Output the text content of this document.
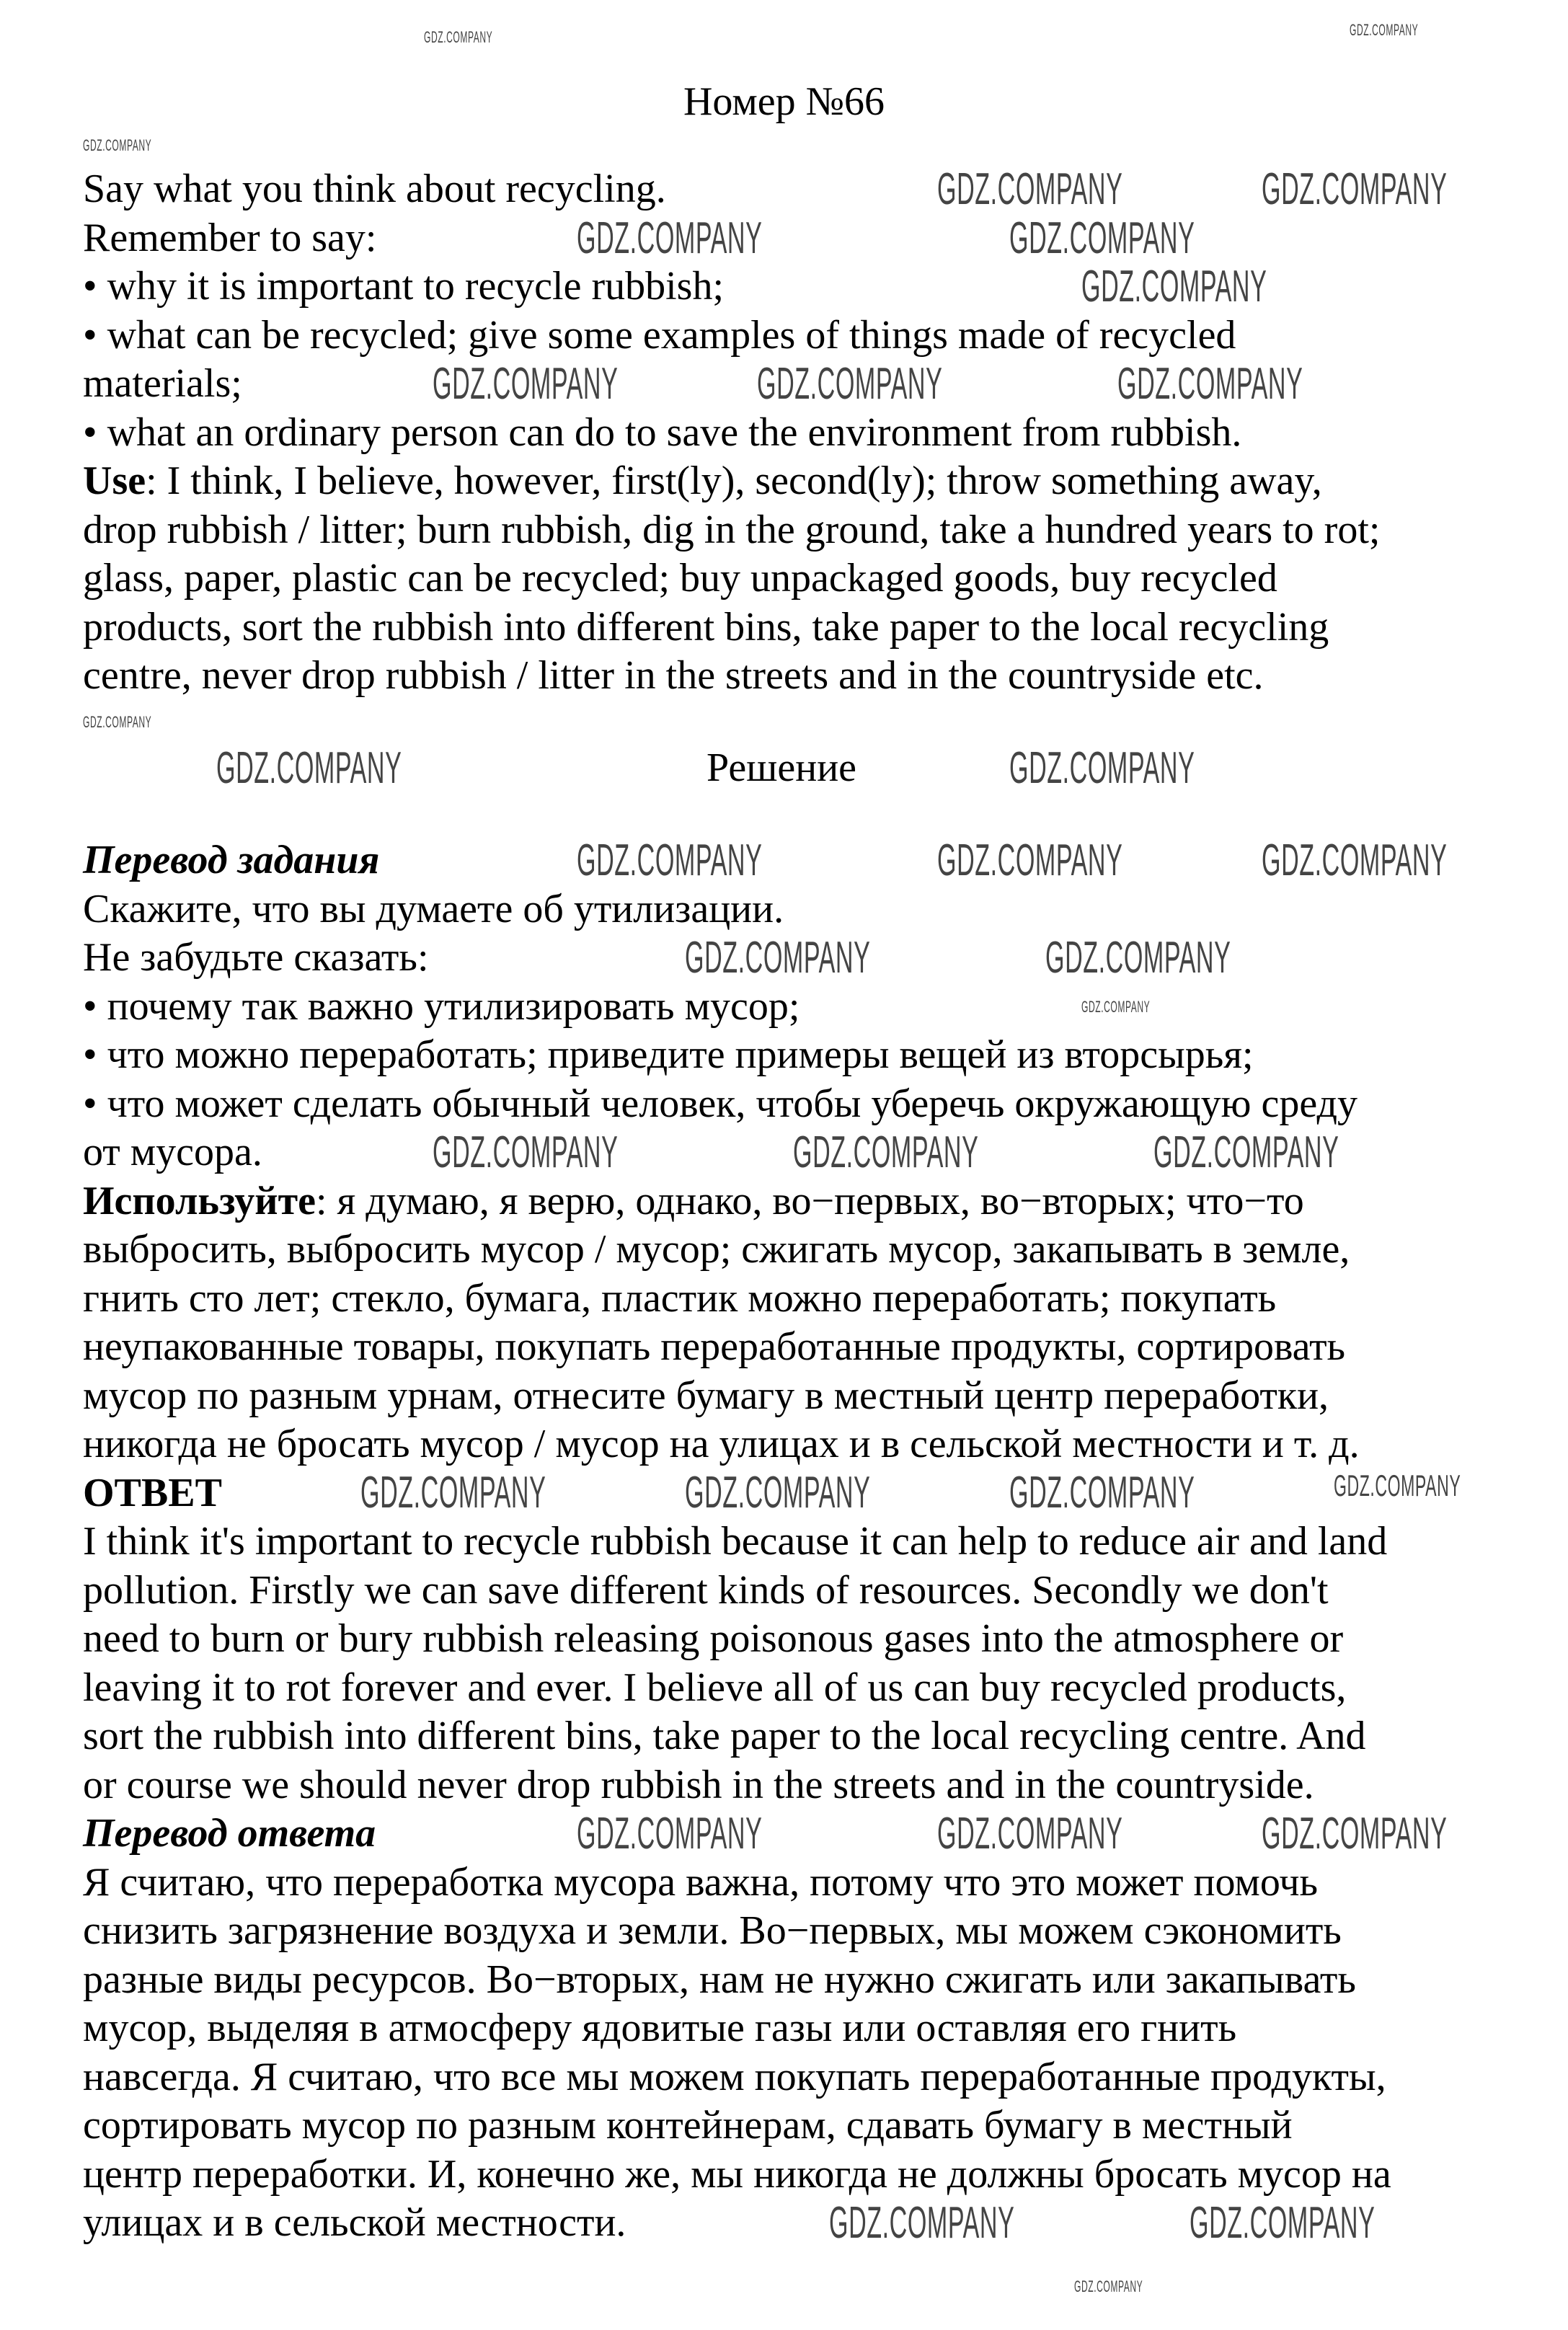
Номер №66
Say what you think about recycling.
Remember to say:
• why it is important to recycle rubbish;
• what can be recycled; give some examples of things made of recycled
materials;
• what an ordinary person can do to save the environment from rubbish.
Use: I think, I believe, however, first(ly), second(ly); throw something away,
drop rubbish / litter; burn rubbish, dig in the ground, take a hundred years to rot;
glass, paper, plastic can be recycled; buy unpackaged goods, buy recycled
products, sort the rubbish into different bins, take paper to the local recycling
centre, never drop rubbish / litter in the streets and in the countryside etc.
Решение
Перевод задания
Скажите, что вы думаете об утилизации.
Не забудьте сказать:
• почему так важно утилизировать мусор;
• что можно переработать; приведите примеры вещей из вторсырья;
• что может сделать обычный человек, чтобы уберечь окружающую среду
от мусора.
Используйте: я думаю, я верю, однако, во−первых, во−вторых; что−то
выбросить, выбросить мусор / мусор; сжигать мусор, закапывать в земле,
гнить сто лет; стекло, бумага, пластик можно переработать; покупать
неупакованные товары, покупать переработанные продукты, сортировать
мусор по разным урнам, отнесите бумагу в местный центр переработки,
никогда не бросать мусор / мусор на улицах и в сельской местности и т. д.
ОТВЕТ
I think it's important to recycle rubbish because it can help to reduce air and land
pollution. Firstly we can save different kinds of resources. Secondly we don't
need to burn or bury rubbish releasing poisonous gases into the atmosphere or
leaving it to rot forever and ever. I believe all of us can buy recycled products,
sort the rubbish into different bins, take paper to the local recycling centre. And
or course we should never drop rubbish in the streets and in the countryside.
Перевод ответа
Я считаю, что переработка мусора важна, потому что это может помочь
снизить загрязнение воздуха и земли. Во−первых, мы можем сэкономить
разные виды ресурсов. Во−вторых, нам не нужно сжигать или закапывать
мусор, выделяя в атмосферу ядовитые газы или оставляя его гнить
навсегда. Я считаю, что все мы можем покупать переработанные продукты,
сортировать мусор по разным контейнерам, сдавать бумагу в местный
центр переработки. И, конечно же, мы никогда не должны бросать мусор на
улицах и в сельской местности.
GDZ.COMPANY	GDZ.COMPANY
GDZ.COMPANY	GDZ.COMPANY
GDZ.COMPANY
GDZ.COMPANY	GDZ.COMPANY	GDZ.COMPANY
GDZ.COMPANY	GDZ.COMPANY
GDZ.COMPANY	GDZ.COMPANY	GDZ.COMPANY
GDZ.COMPANY	GDZ.COMPANY
GDZ.COMPANY	GDZ.COMPANY	GDZ.COMPANY
GDZ.COMPANY	GDZ.COMPANY	GDZ.COMPANY	GDZ.COMPANY
GDZ.COMPANY	GDZ.COMPANY	GDZ.COMPANY
GDZ.COMPANY	GDZ.COMPANY
GDZ.COMPANY	GDZ.COMPANY
GDZ.COMPANY
GDZ.COMPANY
GDZ.COMPANY
GDZ.COMPANY
